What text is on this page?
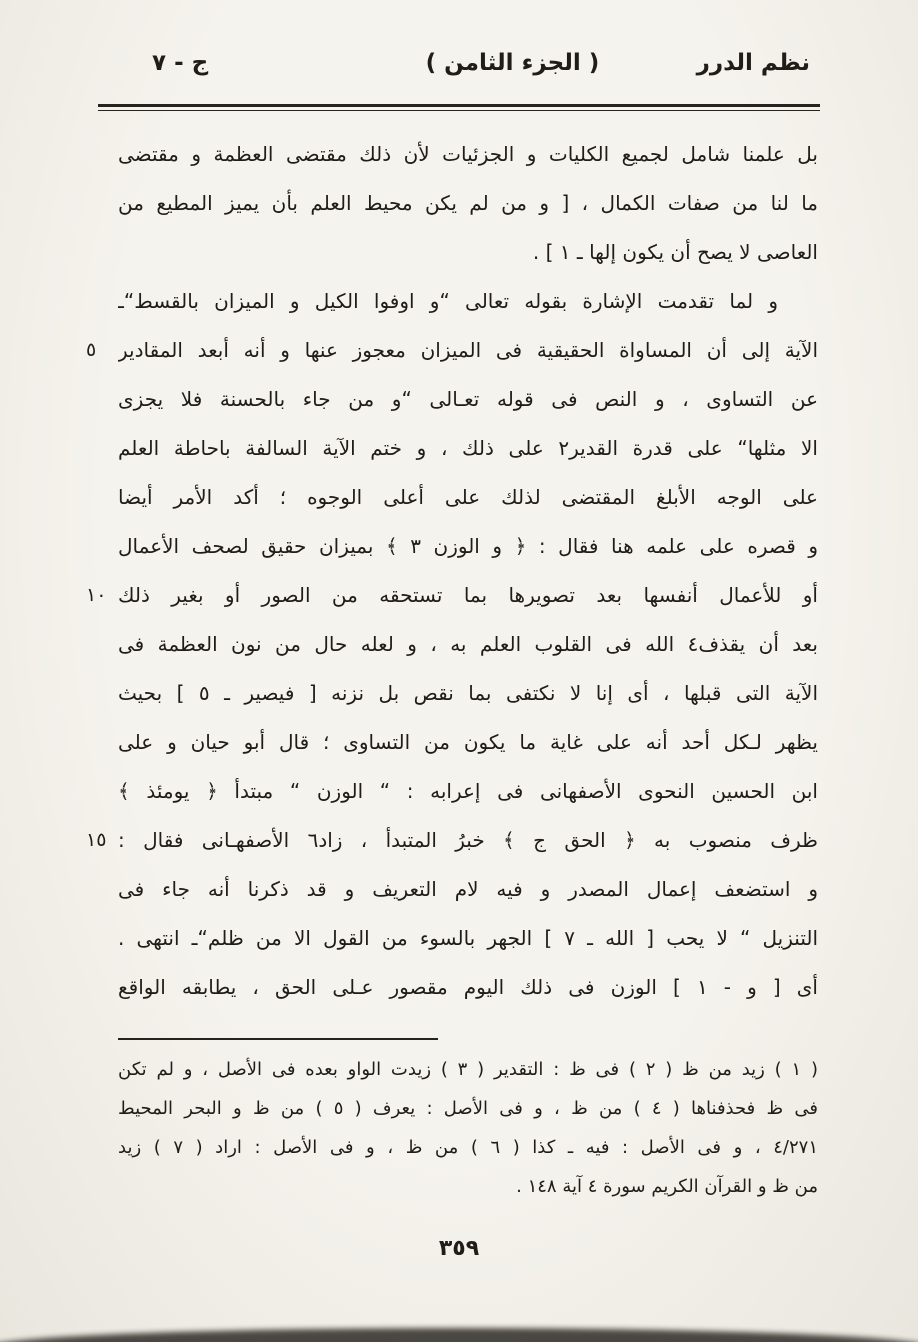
نظم الدرر
( الجزء الثامن )
ج - ٧
بل علمنا شامل لجميع الكليات و الجزئيات لأن ذلك مقتضى العظمة و مقتضى
ما لنا من صفات الكمال ، [ و من لم يكن محيط العلم بأن يميز المطيع من
العاصى لا يصح أن يكون إلها ـ ١ ] .
و لما تقدمت الإشارة بقوله تعالى “و اوفوا الكيل و الميزان بالقسط“ـ
٥	الآية إلى أن المساواة الحقيقية فى الميزان معجوز عنها و أنه أبعد المقادير
عن التساوى ، و النص فى قوله تعـالى “و من جاء بالحسنة فلا يجزى
الا مثلها“ على قدرة القدير٢ على ذلك ، و ختم الآية السالفة باحاطة العلم
على الوجه الأبلغ المقتضى لذلك على أعلى الوجوه ؛ أكد الأمر أيضا
و قصره على علمه هنا فقال : ﴿ و الوزن ٣ ﴾ بميزان حقيق لصحف الأعمال
١٠ أو للأعمال أنفسها بعد تصويرها بما تستحقه من الصور أو بغير ذلك
بعد أن يقذف٤ الله فى القلوب العلم به ، و لعله حال من نون العظمة فى
الآية التى قبلها ، أى إنا لا نكتفى بما نقص بل نزنه [ فيصير ـ ٥ ] بحيث
يظهر لـكل أحد أنه على غاية ما يكون من التساوى ؛ قال أبو حيان و على
ابن الحسين النحوى الأصفهانى فى إعرابه : “ الوزن “ مبتدأ ﴿ يومئذ ﴾
١٥ ظرف منصوب به ﴿ الحق ج ﴾ خبرُ المتبدأ ، زاد٦ الأصفهـانى فقال :
و استضعف إعمال المصدر و فيه لام التعريف و قد ذكرنا أنه جاء فى
التنزيل “ لا يحب [ الله ـ ٧ ] الجهر بالسوء من القول الا من ظلم“ـ انتهى .
أى [ و - ١ ] الوزن فى ذلك اليوم مقصور عـلى الحق ، يطابقه الواقع
( ١ ) زيد من ظ ( ٢ ) فى ظ : التقدير ( ٣ ) زيدت الواو بعده فى الأصل ، و لم تكن
فى ظ فحذفناها ( ٤ ) من ظ ، و فى الأصل : يعرف ( ٥ ) من ظ و البحر المحيط
٤/٢٧١ ، و فى الأصل : فيه ـ كذا ( ٦ ) من ظ ، و فى الأصل : اراد ( ٧ ) زيد
من ظ و القرآن الكريم سورة ٤ آية ١٤٨ .
٣٥٩
